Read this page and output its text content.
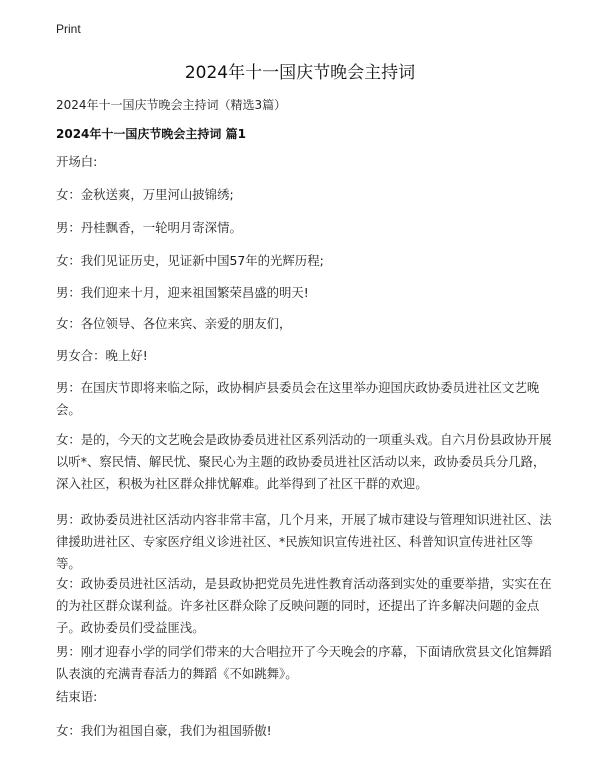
Print
2024年十一国庆节晚会主持词
2024年十一国庆节晚会主持词（精选3篇）
2024年十一国庆节晚会主持词 篇1

开场白:

女：金秋送爽，万里河山披锦绣;

男：丹桂飘香，一轮明月寄深情。

女：我们见证历史，见证新中国57年的光辉历程;

男：我们迎来十月，迎来祖国繁荣昌盛的明天!

女：各位领导、各位来宾、亲爱的朋友们，

男女合：晚上好!

男：在国庆节即将来临之际，政协桐庐县委员会在这里举办迎国庆政协委员进社区文艺晚会。

女：是的，今天的文艺晚会是政协委员进社区系列活动的一项重头戏。自六月份县政协开展以听*、察民情、解民忧、聚民心为主题的政协委员进社区活动以来，政协委员兵分几路，深入社区，积极为社区群众排忧解难。此举得到了社区干群的欢迎。

男：政协委员进社区活动内容非常丰富，几个月来，开展了城市建设与管理知识进社区、法律援助进社区、专家医疗组义诊进社区、*民族知识宣传进社区、科普知识宣传进社区等等。

女：政协委员进社区活动，是县政协把党员先进性教育活动落到实处的重要举措，实实在在的为社区群众谋利益。许多社区群众除了反映问题的同时，还提出了许多解决问题的金点子。政协委员们受益匪浅。

男：刚才迎春小学的同学们带来的大合唱拉开了今天晚会的序幕，下面请欣赏县文化馆舞蹈队表演的充满青春活力的舞蹈《不如跳舞》。

结束语:

女：我们为祖国自豪，我们为祖国骄傲!
